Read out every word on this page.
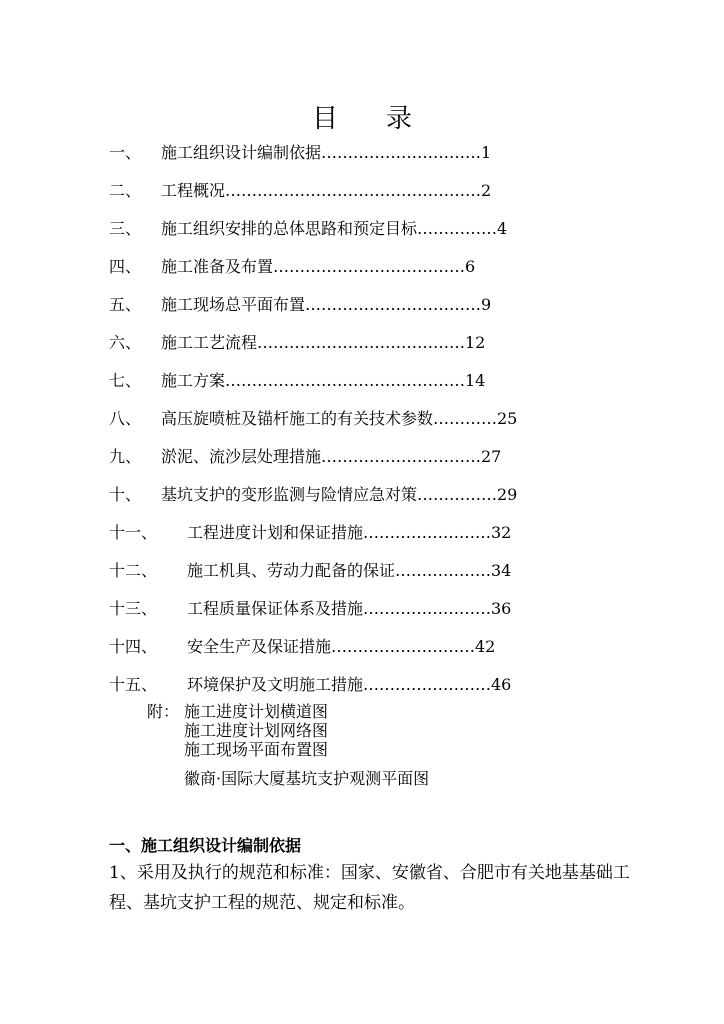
目 录
一、 施工组织设计编制依据…………………………1
二、 工程概况…………………………………………2
三、 施工组织安排的总体思路和预定目标……………4
四、 施工准备及布置………………………………6
五、 施工现场总平面布置……………………………9
六、 施工工艺流程…………………………………12
七、 施工方案………………………………………14
八、 高压旋喷桩及锚杆施工的有关技术参数…………25
九、 淤泥、流沙层处理措施…………………………27
十、 基坑支护的变形监测与险情应急对策……………29
十一、 工程进度计划和保证措施……………………32
十二、 施工机具、劳动力配备的保证………………34
十三、 工程质量保证体系及措施……………………36
十四、 安全生产及保证措施………………………42
十五、 环境保护及文明施工措施……………………46
附： 施工进度计划横道图
施工进度计划网络图
施工现场平面布置图
徽商·国际大厦基坑支护观测平面图
一、施工组织设计编制依据
1、采用及执行的规范和标准：国家、安徽省、合肥市有关地基基础工程、基坑支护工程的规范、规定和标准。
